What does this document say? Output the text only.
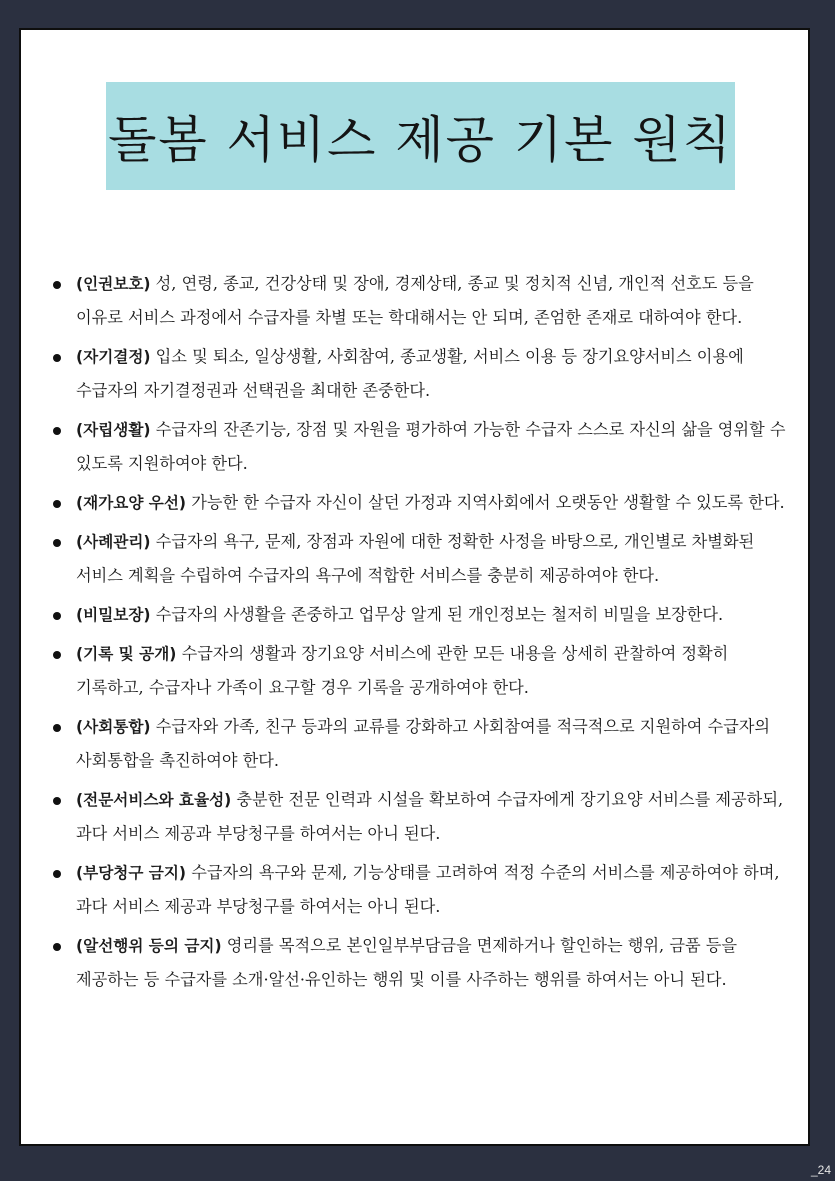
돌봄 서비스 제공 기본 원칙
(인권보호) 성, 연령, 종교, 건강상태 및 장애, 경제상태, 종교 및 정치적 신념, 개인적 선호도 등을 이유로 서비스 과정에서 수급자를 차별 또는 학대해서는 안 되며, 존엄한 존재로 대하여야 한다.
(자기결정) 입소 및 퇴소, 일상생활, 사회참여, 종교생활, 서비스 이용 등 장기요양서비스 이용에 수급자의 자기결정권과 선택권을 최대한 존중한다.
(자립생활) 수급자의 잔존기능, 장점 및 자원을 평가하여 가능한 수급자 스스로 자신의 삶을 영위할 수 있도록 지원하여야 한다.
(재가요양 우선) 가능한 한 수급자 자신이 살던 가정과 지역사회에서 오랫동안 생활할 수 있도록 한다.
(사례관리) 수급자의 욕구, 문제, 장점과 자원에 대한 정확한 사정을 바탕으로, 개인별로 차별화된 서비스 계획을 수립하여 수급자의 욕구에 적합한 서비스를 충분히 제공하여야 한다.
(비밀보장) 수급자의 사생활을 존중하고 업무상 알게 된 개인정보는 철저히 비밀을 보장한다.
(기록 및 공개) 수급자의 생활과 장기요양 서비스에 관한 모든 내용을 상세히 관찰하여 정확히 기록하고, 수급자나 가족이 요구할 경우 기록을 공개하여야 한다.
(사회통합) 수급자와 가족, 친구 등과의 교류를 강화하고 사회참여를 적극적으로 지원하여 수급자의 사회통합을 촉진하여야 한다.
(전문서비스와 효율성) 충분한 전문 인력과 시설을 확보하여 수급자에게 장기요양 서비스를 제공하되, 과다 서비스 제공과 부당청구를 하여서는 아니 된다.
(부당청구 금지) 수급자의 욕구와 문제, 기능상태를 고려하여 적정 수준의 서비스를 제공하여야 하며, 과다 서비스 제공과 부당청구를 하여서는 아니 된다.
(알선행위 등의 금지) 영리를 목적으로 본인일부부담금을 면제하거나 할인하는 행위, 금품 등을 제공하는 등 수급자를 소개·알선·유인하는 행위 및 이를 사주하는 행위를 하여서는 아니 된다.
_24
